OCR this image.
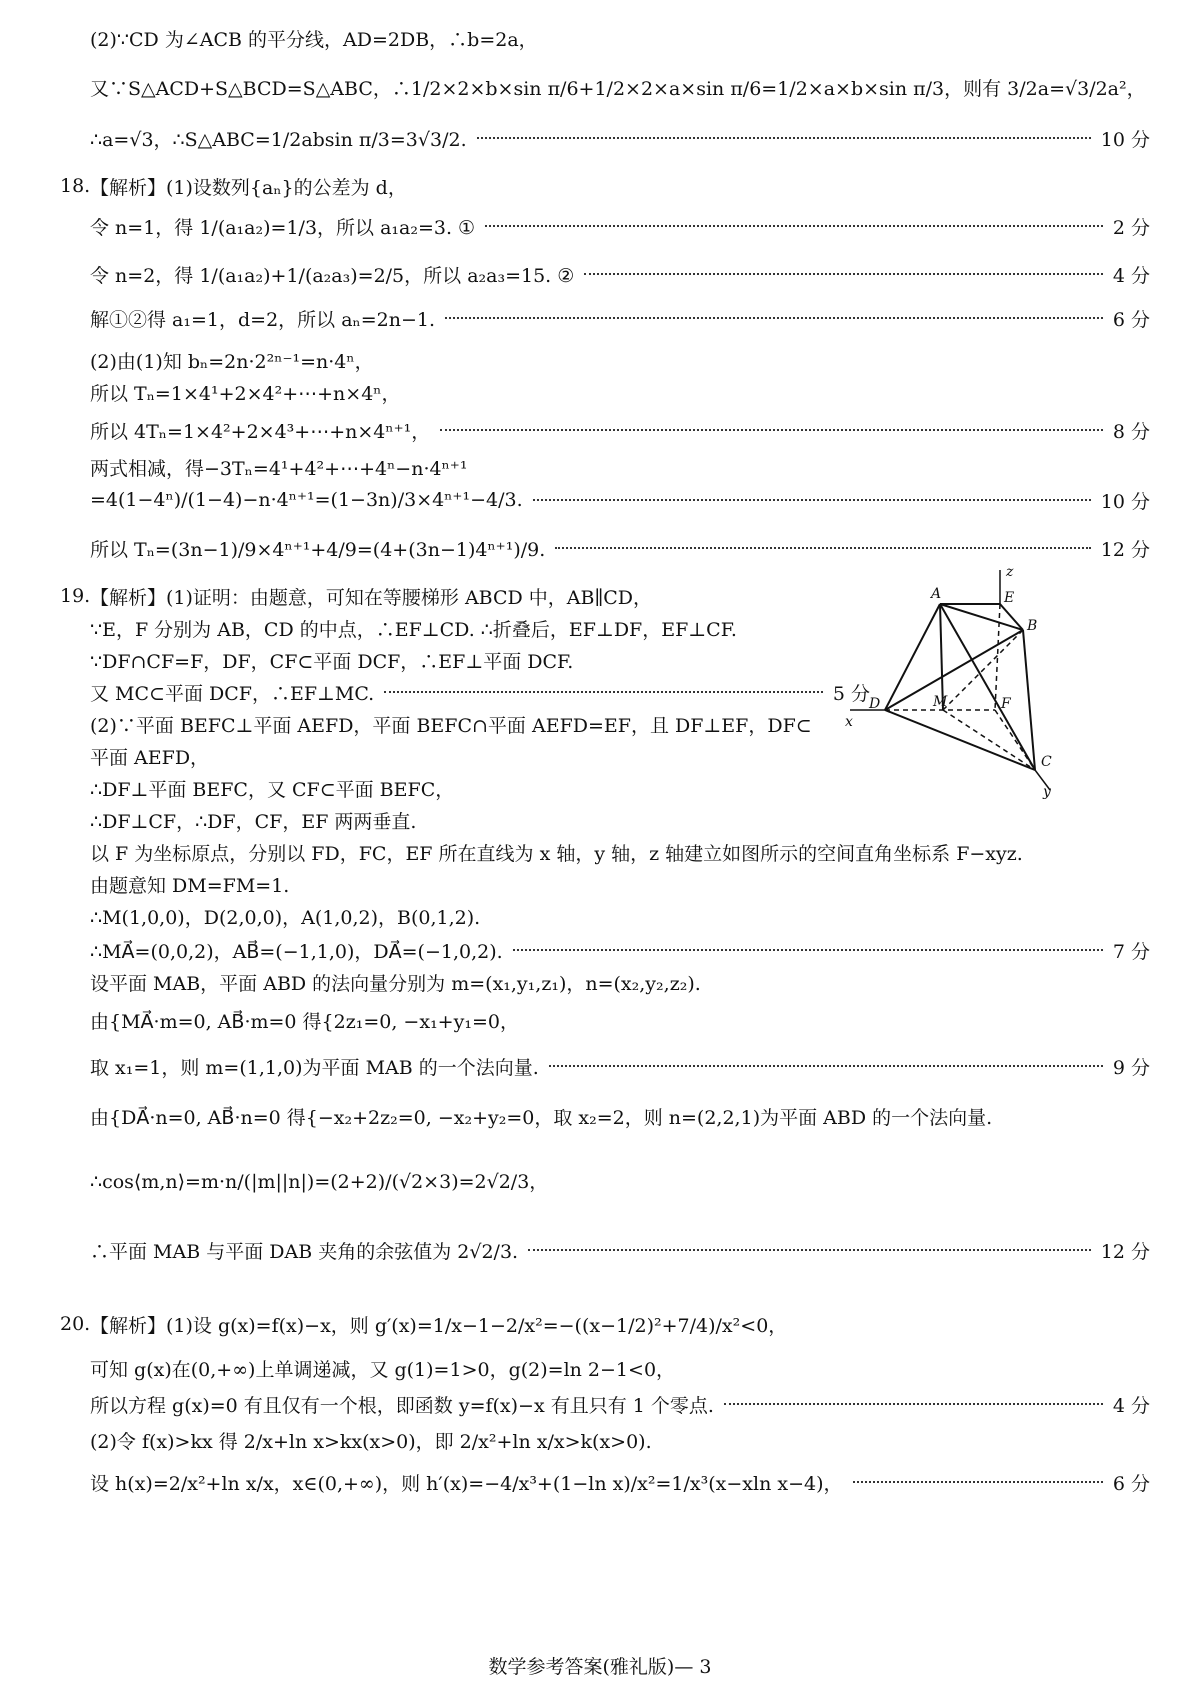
(2)∵CD 为∠ACB 的平分线，AD=2DB，∴b=2a，
又∵S△ACD+S△BCD=S△ABC，∴1/2×2×b×sin π/6+1/2×2×a×sin π/6=1/2×a×b×sin π/3，则有 3/2a=√3/2a²，
∴a=√3，∴S△ABC=1/2absin π/3=3√3/2.	10 分
18. 【解析】(1)设数列{aₙ}的公差为 d，
令 n=1，得 1/(a₁a₂)=1/3，所以 a₁a₂=3. ①	2 分
令 n=2，得 1/(a₁a₂)+1/(a₂a₃)=2/5，所以 a₂a₃=15. ②	4 分
解①②得 a₁=1，d=2，所以 aₙ=2n−1.	6 分
(2)由(1)知 bₙ=2n·2²ⁿ⁻¹=n·4ⁿ，
所以 Tₙ=1×4¹+2×4²+⋯+n×4ⁿ，
所以 4Tₙ=1×4²+2×4³+⋯+n×4ⁿ⁺¹，	8 分
两式相减，得−3Tₙ=4¹+4²+⋯+4ⁿ−n·4ⁿ⁺¹
=4(1−4ⁿ)/(1−4)−n·4ⁿ⁺¹=(1−3n)/3×4ⁿ⁺¹−4/3.	10 分
所以 Tₙ=(3n−1)/9×4ⁿ⁺¹+4/9=(4+(3n−1)4ⁿ⁺¹)/9.	12 分
19. 【解析】(1)证明：由题意，可知在等腰梯形 ABCD 中，AB∥CD，
∵E，F 分别为 AB，CD 的中点，∴EF⊥CD. ∴折叠后，EF⊥DF，EF⊥CF.
∵DF∩CF=F，DF，CF⊂平面 DCF，∴EF⊥平面 DCF.
又 MC⊂平面 DCF，∴EF⊥MC.	5 分
(2)∵平面 BEFC⊥平面 AEFD，平面 BEFC∩平面 AEFD=EF，且 DF⊥EF，DF⊂
平面 AEFD，
∴DF⊥平面 BEFC，又 CF⊂平面 BEFC，
∴DF⊥CF，∴DF，CF，EF 两两垂直.
以 F 为坐标原点，分别以 FD，FC，EF 所在直线为 x 轴，y 轴，z 轴建立如图所示的空间直角坐标系 F−xyz.
由题意知 DM=FM=1.
∴M(1,0,0)，D(2,0,0)，A(1,0,2)，B(0,1,2).
∴MA⃗=(0,0,2)，AB⃗=(−1,1,0)，DA⃗=(−1,0,2).	7 分
设平面 MAB，平面 ABD 的法向量分别为 m=(x₁,y₁,z₁)，n=(x₂,y₂,z₂).
由{MA⃗·m=0, AB⃗·m=0 得{2z₁=0, −x₁+y₁=0，
取 x₁=1，则 m=(1,1,0)为平面 MAB 的一个法向量.	9 分
由{DA⃗·n=0, AB⃗·n=0 得{−x₂+2z₂=0, −x₂+y₂=0，取 x₂=2，则 n=(2,2,1)为平面 ABD 的一个法向量.
∴cos⟨m,n⟩=m·n/(|m||n|)=(2+2)/(√2×3)=2√2/3，
∴平面 MAB 与平面 DAB 夹角的余弦值为 2√2/3.	12 分
20. 【解析】(1)设 g(x)=f(x)−x，则 g′(x)=1/x−1−2/x²=−((x−1/2)²+7/4)/x²<0，
可知 g(x)在(0,+∞)上单调递减，又 g(1)=1>0，g(2)=ln 2−1<0，
所以方程 g(x)=0 有且仅有一个根，即函数 y=f(x)−x 有且只有 1 个零点.	4 分
(2)令 f(x)>kx 得 2/x+ln x>kx(x>0)，即 2/x²+ln x/x>k(x>0).
设 h(x)=2/x²+ln x/x，x∈(0,+∞)，则 h′(x)=−4/x³+(1−ln x)/x²=1/x³(x−xln x−4)，	6 分
A	E
B
D	M	F
C
x
y
z
数学参考答案(雅礼版)— 3
